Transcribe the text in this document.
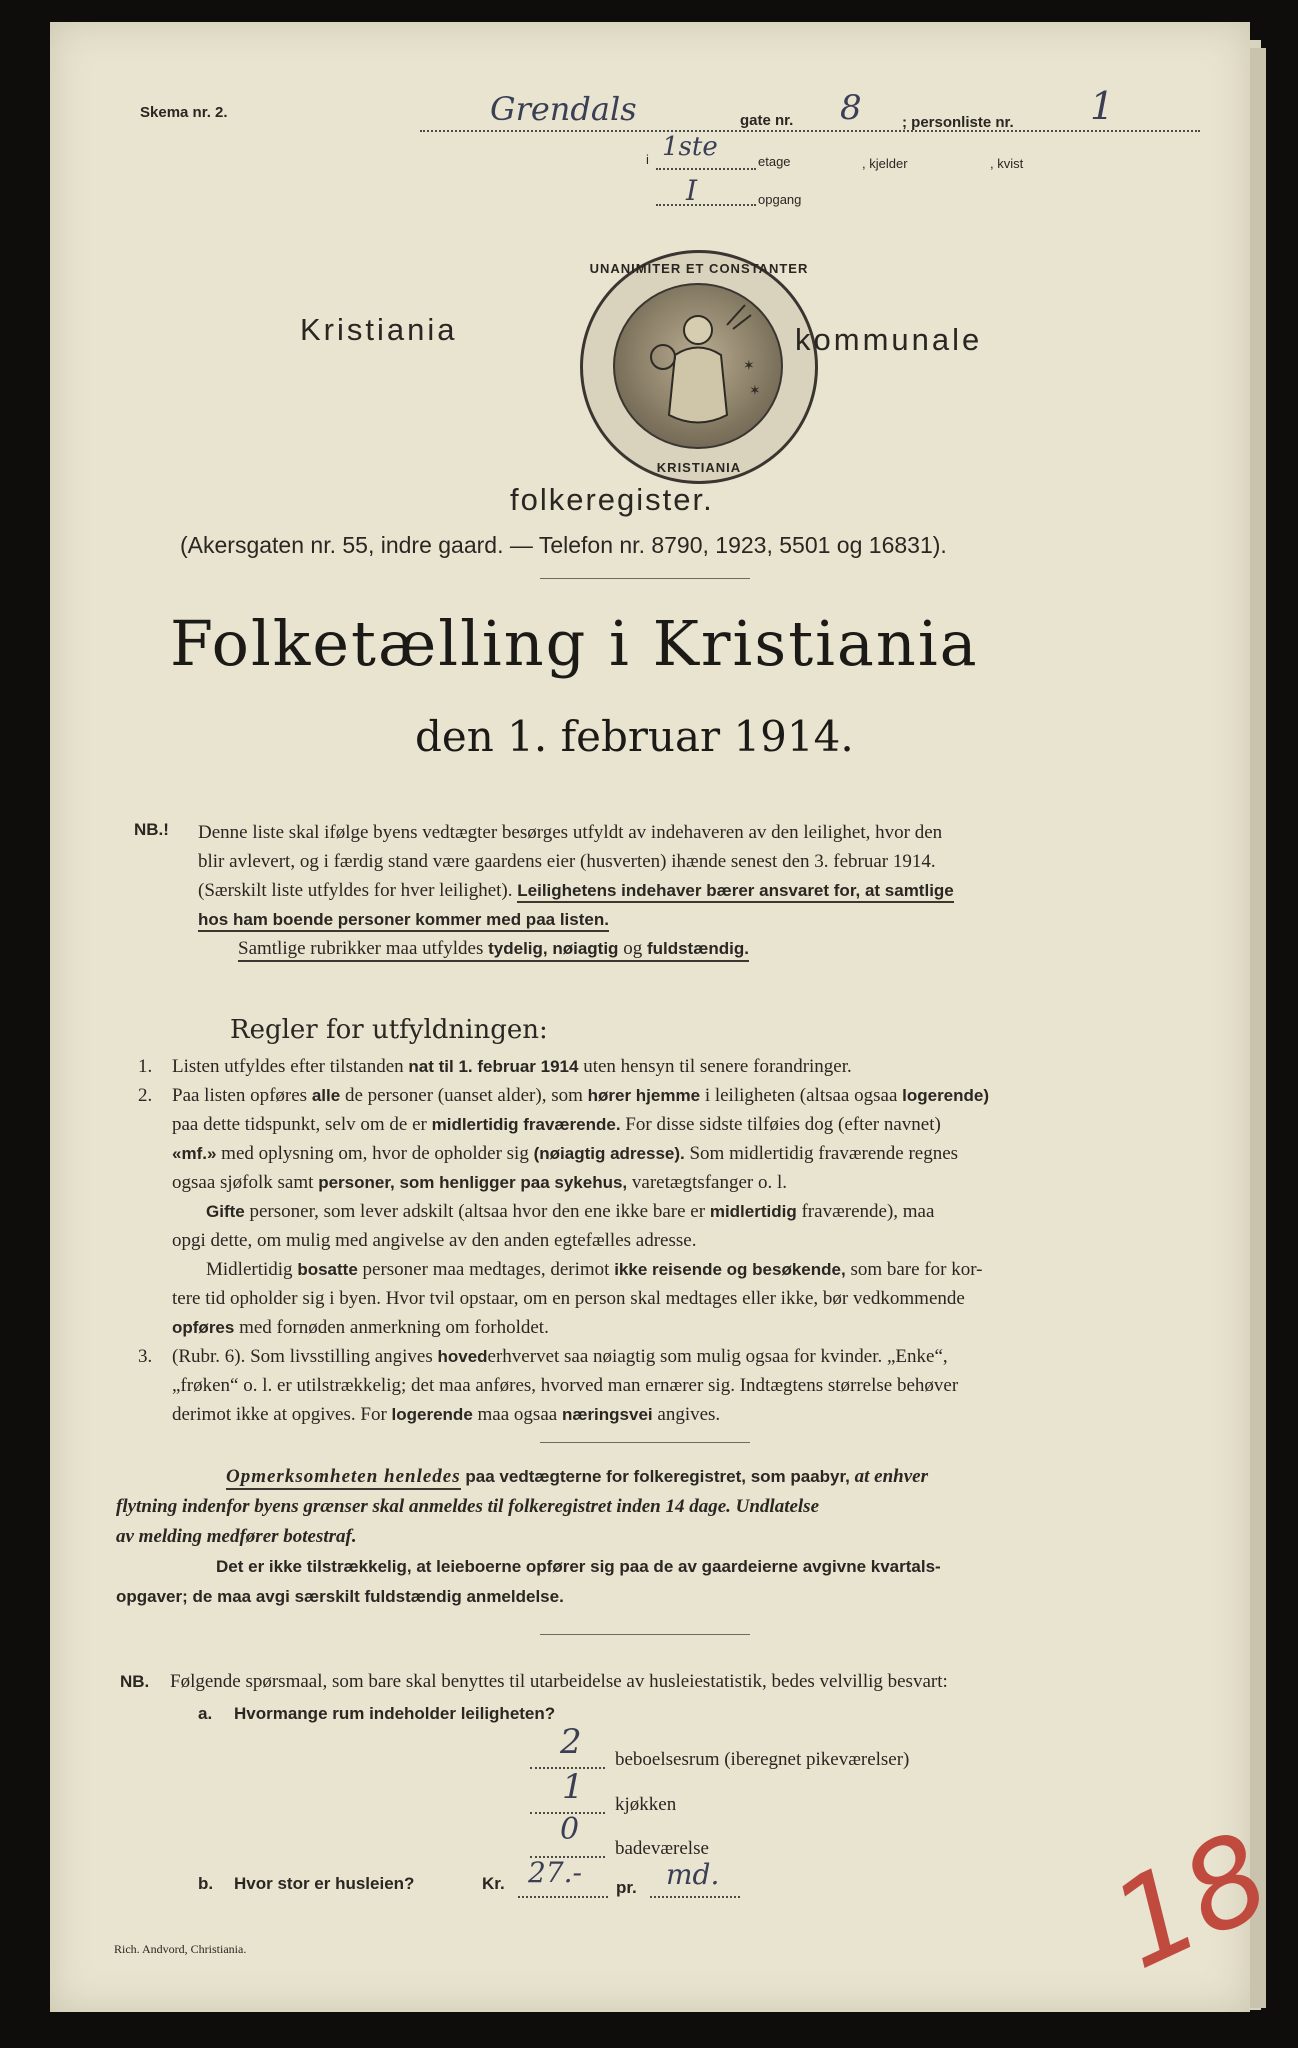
Skema nr. 2.	Grendals	gate nr. 8	; personliste nr. 1
i 1ste	etage	, kjelder	, kvist
I	opgang
Kristiania
UNANIMITER ET CONSTANTER
✶
✶
KRISTIANIA
kommunale
folkeregister.
(Akersgaten nr. 55, indre gaard. — Telefon nr. 8790, 1923, 5501 og 16831).
Folketælling i Kristiania
den 1. februar 1914.
NB.! Denne liste skal ifølge byens vedtægter besørges utfyldt av indehaveren av den leilighet, hvor den
blir avlevert, og i færdig stand være gaardens eier (husverten) ihænde senest den 3. februar 1914.
(Særskilt liste utfyldes for hver leilighet). Leilighetens indehaver bærer ansvaret for, at samtlige
hos ham boende personer kommer med paa listen.
Samtlige rubrikker maa utfyldes tydelig, nøiagtig og fuldstændig.
Regler for utfyldningen:
1. Listen utfyldes efter tilstanden nat til 1. februar 1914 uten hensyn til senere forandringer.
2. Paa listen opføres alle de personer (uanset alder), som hører hjemme i leiligheten (altsaa ogsaa logerende)
paa dette tidspunkt, selv om de er midlertidig fraværende. For disse sidste tilføies dog (efter navnet)
«mf.» med oplysning om, hvor de opholder sig (nøiagtig adresse). Som midlertidig fraværende regnes
ogsaa sjøfolk samt personer, som henligger paa sykehus, varetægtsfanger o. l.
Gifte personer, som lever adskilt (altsaa hvor den ene ikke bare er midlertidig fraværende), maa
opgi dette, om mulig med angivelse av den anden egtefælles adresse.
Midlertidig bosatte personer maa medtages, derimot ikke reisende og besøkende, som bare for kor-
tere tid opholder sig i byen. Hvor tvil opstaar, om en person skal medtages eller ikke, bør vedkommende
opføres med fornøden anmerkning om forholdet.
3. (Rubr. 6). Som livsstilling angives hovederhvervet saa nøiagtig som mulig ogsaa for kvinder. „Enke“,
„frøken“ o. l. er utilstrækkelig; det maa anføres, hvorved man ernærer sig. Indtægtens størrelse behøver
derimot ikke at opgives. For logerende maa ogsaa næringsvei angives.
Opmerksomheten henledes paa vedtægterne for folkeregistret, som paabyr, at enhver
flytning indenfor byens grænser skal anmeldes til folkeregistret inden 14 dage. Undlatelse
av melding medfører botestraf.
Det er ikke tilstrækkelig, at leieboerne opfører sig paa de av gaardeierne avgivne kvartals-
opgaver; de maa avgi særskilt fuldstændig anmeldelse.
NB. Følgende spørsmaal, som bare skal benyttes til utarbeidelse av husleiestatistik, bedes velvillig besvart:
a. Hvormange rum indeholder leiligheten?
2 beboelsesrum (iberegnet pikeværelser)
1 kjøkken
0
badeværelse
b. Hvor stor er husleien?	Kr. 27.- pr. md.
Rich. Andvord, Christiania.	18
